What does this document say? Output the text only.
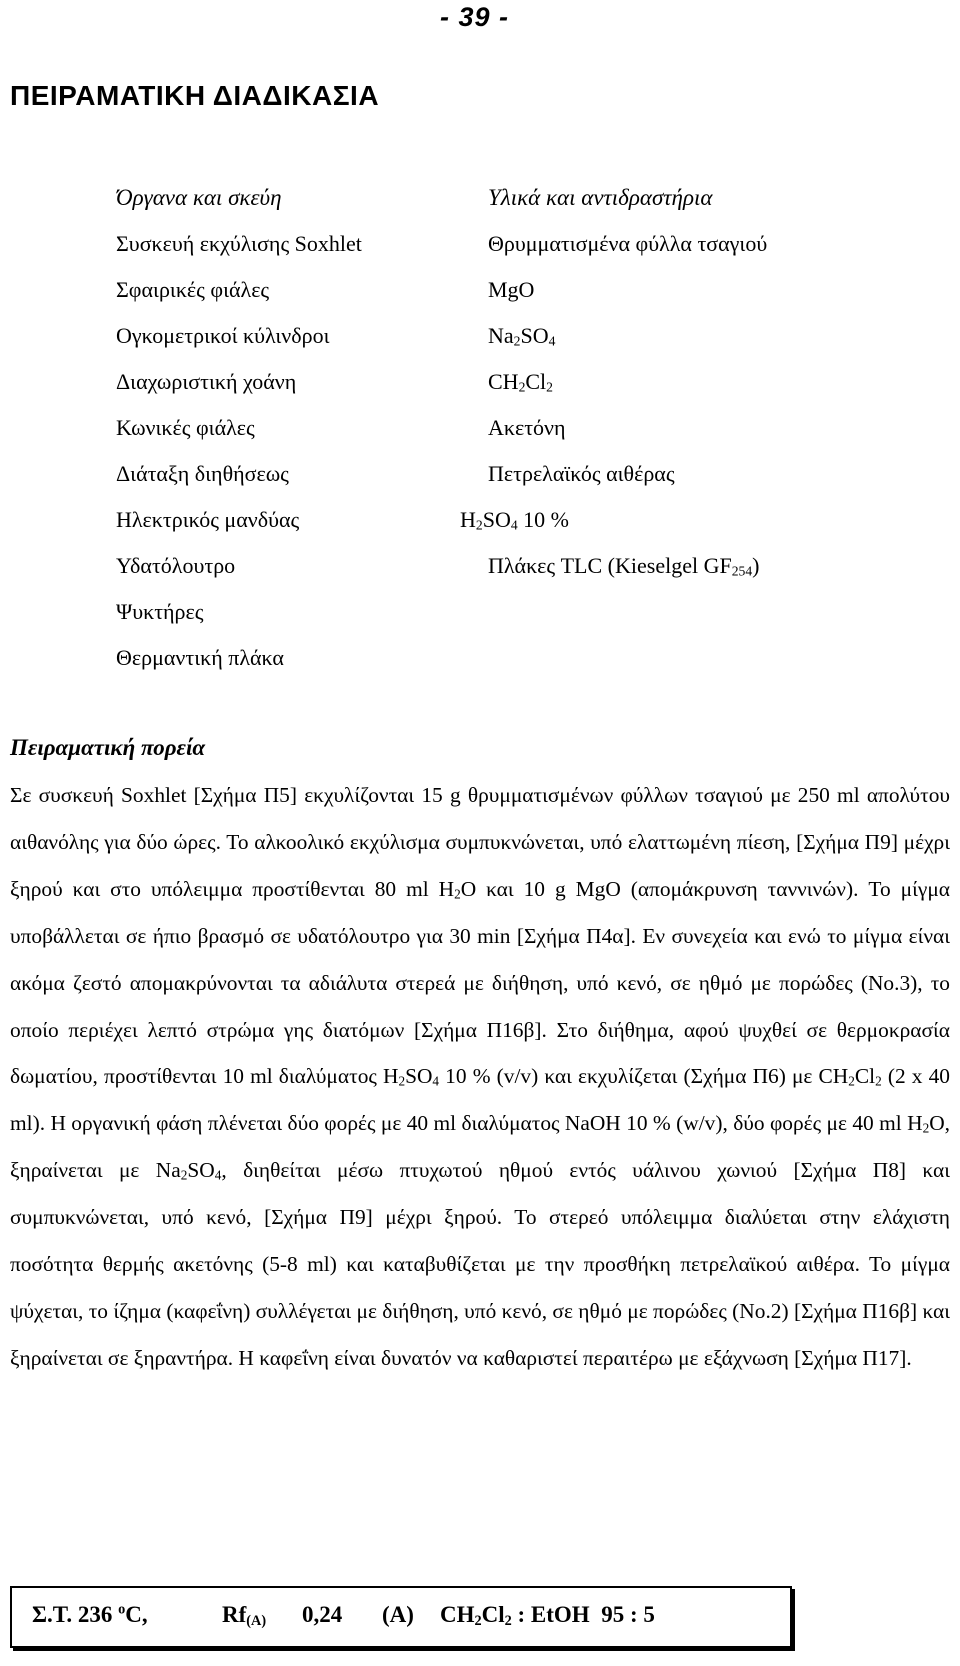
- 39 -
ΠΕΙΡΑΜΑΤΙΚΗ ΔΙΑΔΙΚΑΣΙΑ
Όργανα και σκεύη
Συσκευή εκχύλισης Soxhlet
Σφαιρικές φιάλες
Ογκομετρικοί κύλινδροι
Διαχωριστική χοάνη
Κωνικές φιάλες
Διάταξη διηθήσεως
Ηλεκτρικός μανδύας
Υδατόλουτρο
Ψυκτήρες
Θερμαντική πλάκα
Υλικά και αντιδραστήρια
Θρυμματισμένα φύλλα τσαγιού
MgO
$Na_2SO_4$
$CH_2Cl_2$
Ακετόνη
Πετρελαϊκός αιθέρας
$H_2SO_4$ 10 %
Πλάκες TLC (Kieselgel $GF_{254}$)
Πειραματική πορεία

Σε συσκευή Soxhlet [Σχήμα Π5] εκχυλίζονται 15 g θρυμματισμένων φύλλων τσαγιού με 250 ml απολύτου αιθανόλης για δύο ώρες. Το αλκοολικό εκχύλισμα συμπυκνώνεται, υπό ελαττωμένη πίεση, [Σχήμα Π9] μέχρι ξηρού και στο υπόλειμμα προστίθενται 80 ml $H_2O$ και 10 g MgO (απομάκρυνση ταννινών). Το μίγμα υποβάλλεται σε ήπιο βρασμό σε υδατόλουτρο για 30 min [Σχήμα Π4α]. Εν συνεχεία και ενώ το μίγμα είναι ακόμα ζεστό απομακρύνονται τα αδιάλυτα στερεά με διήθηση, υπό κενό, σε ηθμό με πορώδες (No.3), το οποίο περιέχει λεπτό στρώμα γης διατόμων [Σχήμα Π16β]. Στο διήθημα, αφού ψυχθεί σε θερμοκρασία δωματίου, προστίθενται 10 ml διαλύματος $H_2SO_4$ 10 % (v/v) και εκχυλίζεται (Σχήμα Π6) με $CH_2Cl_2$ (2 x 40 ml). Η οργανική φάση πλένεται δύο φορές με 40 ml διαλύματος NaOH 10 % (w/v), δύο φορές με 40 ml $H_2O$, ξηραίνεται με $Na_2SO_4$, διηθείται μέσω πτυχωτού ηθμού εντός υάλινου χωνιού [Σχήμα Π8] και συμπυκνώνεται, υπό κενό, [Σχήμα Π9] μέχρι ξηρού. Το στερεό υπόλειμμα διαλύεται στην ελάχιστη ποσότητα θερμής ακετόνης (5-8 ml) και καταβυθίζεται με την προσθήκη πετρελαϊκού αιθέρα. Το μίγμα ψύχεται, το ίζημα (καφεΐνη) συλλέγεται με διήθηση, υπό κενό, σε ηθμό με πορώδες (No.2) [Σχήμα Π16β] και ξηραίνεται σε ξηραντήρα. Η καφεΐνη είναι δυνατόν να καθαριστεί περαιτέρω με εξάχνωση [Σχήμα Π17].

Σ.Τ. 236 $^o$C,	$Rf_{(A)}$ 0,24 (A) $CH_2Cl_2$ : EtOH  95 : 5
